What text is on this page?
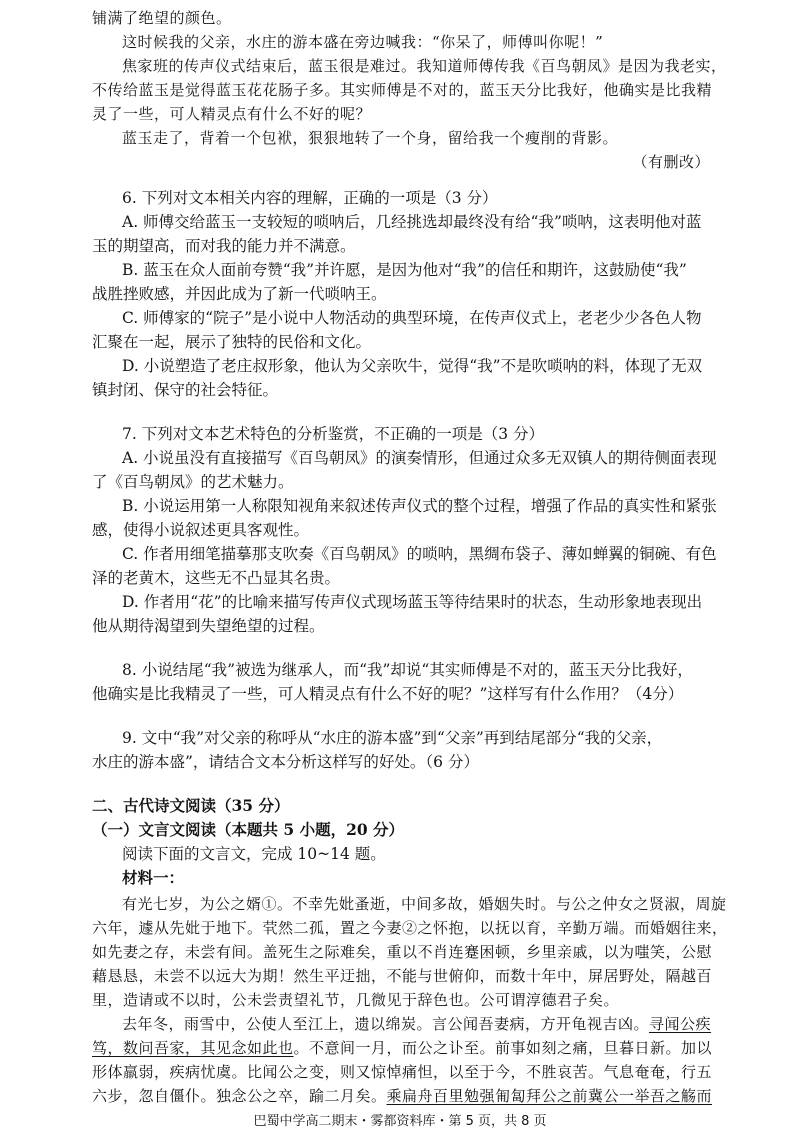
铺满了绝望的颜色。
这时候我的父亲，水庄的游本盛在旁边喊我：“你呆了，师傅叫你呢！”
焦家班的传声仪式结束后，蓝玉很是难过。我知道师傅传我《百鸟朝凤》是因为我老实，
不传给蓝玉是觉得蓝玉花花肠子多。其实师傅是不对的，蓝玉天分比我好，他确实是比我精
灵了一些，可人精灵点有什么不好的呢？
蓝玉走了，背着一个包袱，狠狠地转了一个身，留给我一个瘦削的背影。
（有删改）
6. 下列对文本相关内容的理解，正确的一项是（3 分）
A. 师傅交给蓝玉一支较短的唢呐后，几经挑选却最终没有给“我”唢呐，这表明他对蓝
玉的期望高，而对我的能力并不满意。
B. 蓝玉在众人面前夸赞“我”并许愿，是因为他对“我”的信任和期许，这鼓励使“我”
战胜挫败感，并因此成为了新一代唢呐王。
C. 师傅家的“院子”是小说中人物活动的典型环境，在传声仪式上，老老少少各色人物
汇聚在一起，展示了独特的民俗和文化。
D. 小说塑造了老庄叔形象，他认为父亲吹牛，觉得“我”不是吹唢呐的料，体现了无双
镇封闭、保守的社会特征。
7. 下列对文本艺术特色的分析鉴赏，不正确的一项是（3 分）
A. 小说虽没有直接描写《百鸟朝凤》的演奏情形，但通过众多无双镇人的期待侧面表现
了《百鸟朝凤》的艺术魅力。
B. 小说运用第一人称限知视角来叙述传声仪式的整个过程，增强了作品的真实性和紧张
感，使得小说叙述更具客观性。
C. 作者用细笔描摹那支吹奏《百鸟朝凤》的唢呐，黑绸布袋子、薄如蝉翼的铜碗、有色
泽的老黄木，这些无不凸显其名贵。
D. 作者用“花”的比喻来描写传声仪式现场蓝玉等待结果时的状态，生动形象地表现出
他从期待渴望到失望绝望的过程。
8. 小说结尾“我”被选为继承人，而“我”却说“其实师傅是不对的，蓝玉天分比我好，
他确实是比我精灵了一些，可人精灵点有什么不好的呢？”这样写有什么作用？（4分）
9. 文中“我”对父亲的称呼从“水庄的游本盛”到“父亲”再到结尾部分“我的父亲，
水庄的游本盛”，请结合文本分析这样写的好处。（6 分）
二、古代诗文阅读（35 分）
（一）文言文阅读（本题共 5 小题，20 分）
阅读下面的文言文，完成 10~14 题。
材料一：
有光七岁，为公之婿①。不幸先妣蚤逝，中间多故，婚姻失时。与公之仲女之贤淑，周旋
六年，遽从先妣于地下。茕然二孤，置之今妻②之怀抱，以抚以育，辛勤万端。而婚姻往来，
如先妻之存，未尝有间。盖死生之际难矣，重以不肖连蹇困顿，乡里亲戚，以为嗤笑，公慰
藉恳恳，未尝不以远大为期！然生平迂拙，不能与世俯仰，而数十年中，屏居野处，隔越百
里，造请或不以时，公未尝责望礼节，几微见于辞色也。公可谓淳德君子矣。
去年冬，雨雪中，公使人至江上，遗以绵炭。言公闻吾妻病，方开龟视吉凶。寻闻公疾
笃，数问吾家，其见念如此也。不意间一月，而公之讣至。前事如刻之痛，旦暮日新。加以
形体羸弱，疾病忧虞。比闻公之变，则又惊悼痛怛，以至于今，不胜哀苦。气息奄奄，行五
六步，忽自僵仆。独念公之卒，踰二月矣。乘扁舟百里勉强匍匐拜公之前冀公一举吾之觞而
巴蜀中学高二期末・雾都资料库・第 5 页，共 8 页
